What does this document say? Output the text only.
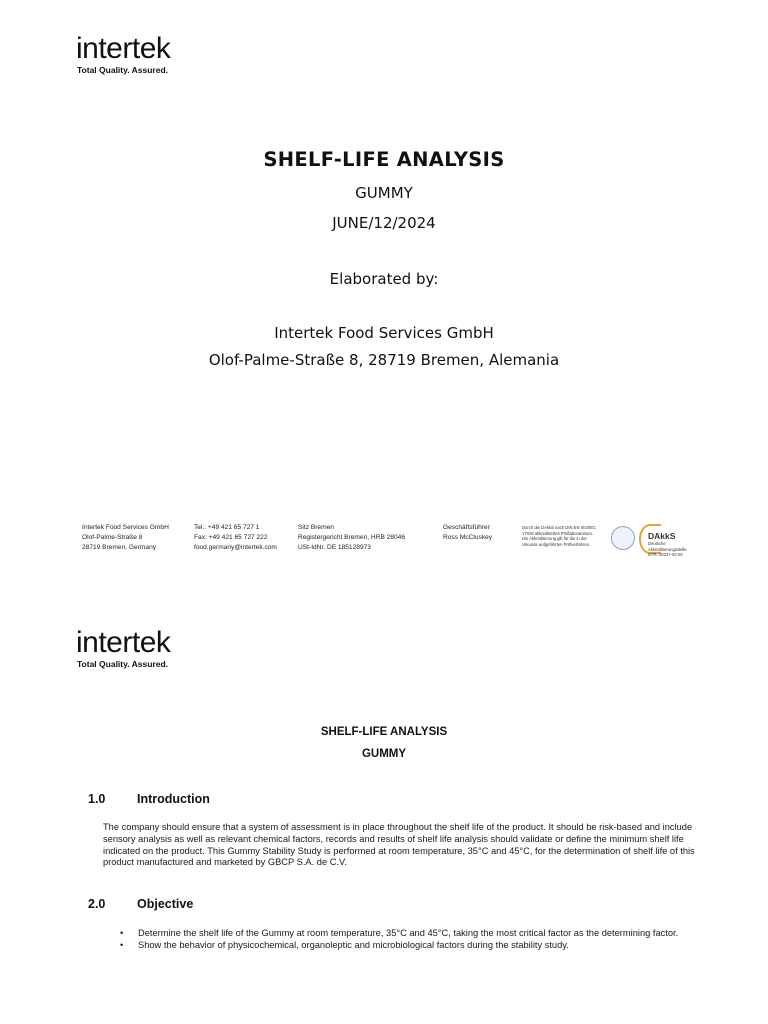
intertek
Total Quality. Assured.
SHELF-LIFE ANALYSIS
GUMMY
JUNE/12/2024
Elaborated by:
Intertek Food Services GmbH
Olof-Palme-Straße 8, 28719 Bremen, Alemania
Intertek Food Services GmbH
Olof-Palme-Straße 8
28719 Bremen, Germany
Tel.: +49 421 65 727 1
Fax: +49 421 65 727 222
food.germany@intertek.com
Sitz Bremen
Registergericht Bremen, HRB 28046
USt-IdNr. DE 185128973
Geschäftsführer
Ross McCluskey
Durch die DAkkS nach DIN EN ISO/IEC
17025 akkreditiertes Prüflaboratorium.
Die Akkreditierung gilt für die in der
Urkunde aufgeführten Prüfverfahren.
DAkkS
Deutsche
Akkreditierungsstelle
D-PL-18237-02-00
intertek
Total Quality. Assured.
SHELF-LIFE ANALYSIS
GUMMY
1.0	Introduction
The company should ensure that a system of assessment is in place throughout the shelf life of the product. It should be risk-based and include sensory analysis as well as relevant chemical factors, records and results of shelf life analysis should validate or define the minimum shelf life indicated on the product. This Gummy Stability Study is performed at room temperature, 35°C and 45°C, for the determination of shelf life of this product manufactured and marketed by GBCP S.A. de C.V.
2.0	Objective
• Determine the shelf life of the Gummy at room temperature, 35°C and 45°C, taking the most critical factor as the determining factor.
• Show the behavior of physicochemical, organoleptic and microbiological factors during the stability study.
